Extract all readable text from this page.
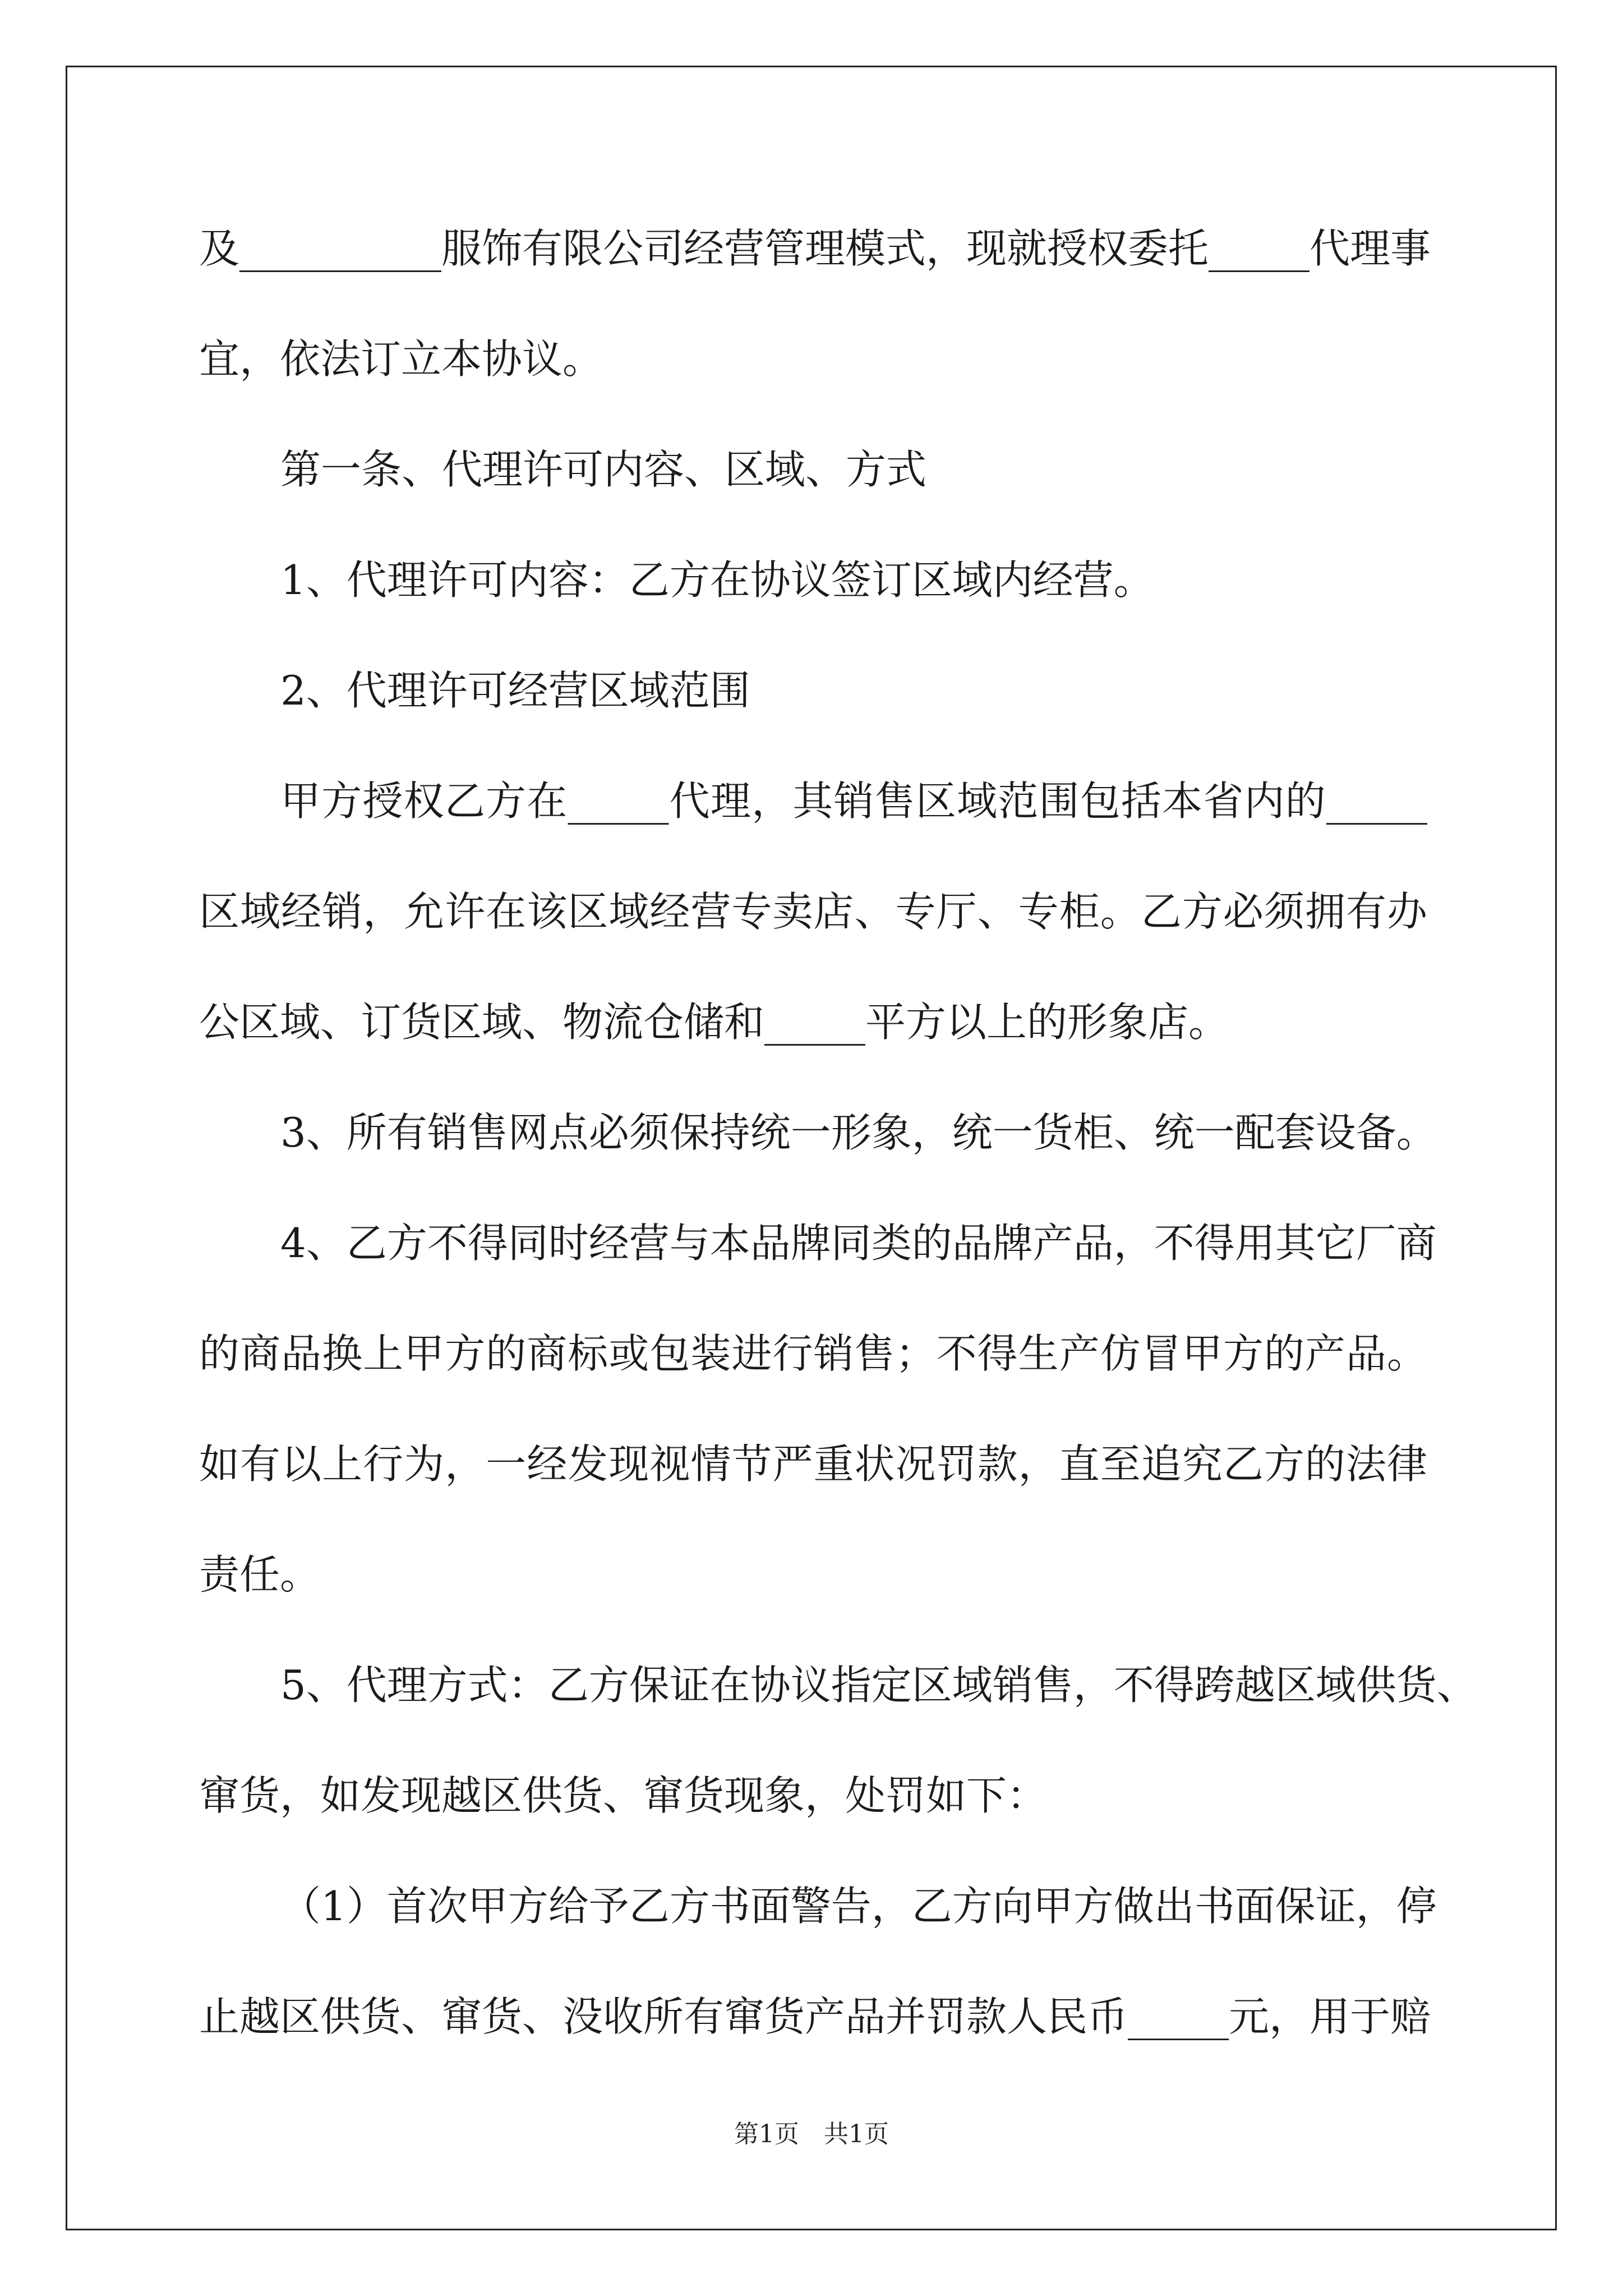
及__________服饰有限公司经营管理模式，现就授权委托_____代理事
宜，依法订立本协议。
第一条、代理许可内容、区域、方式
1、代理许可内容：乙方在协议签订区域内经营。
2、代理许可经营区域范围
甲方授权乙方在_____代理，其销售区域范围包括本省内的_____
区域经销，允许在该区域经营专卖店、专厅、专柜。乙方必须拥有办
公区域、订货区域、物流仓储和_____平方以上的形象店。
3、所有销售网点必须保持统一形象，统一货柜、统一配套设备。
4、乙方不得同时经营与本品牌同类的品牌产品，不得用其它厂商
的商品换上甲方的商标或包装进行销售；不得生产仿冒甲方的产品。
如有以上行为，一经发现视情节严重状况罚款，直至追究乙方的法律
责任。
5、代理方式：乙方保证在协议指定区域销售，不得跨越区域供货、
窜货，如发现越区供货、窜货现象，处罚如下：
（1）首次甲方给予乙方书面警告，乙方向甲方做出书面保证，停
止越区供货、窜货、没收所有窜货产品并罚款人民币_____元，用于赔
第1页　共1页
